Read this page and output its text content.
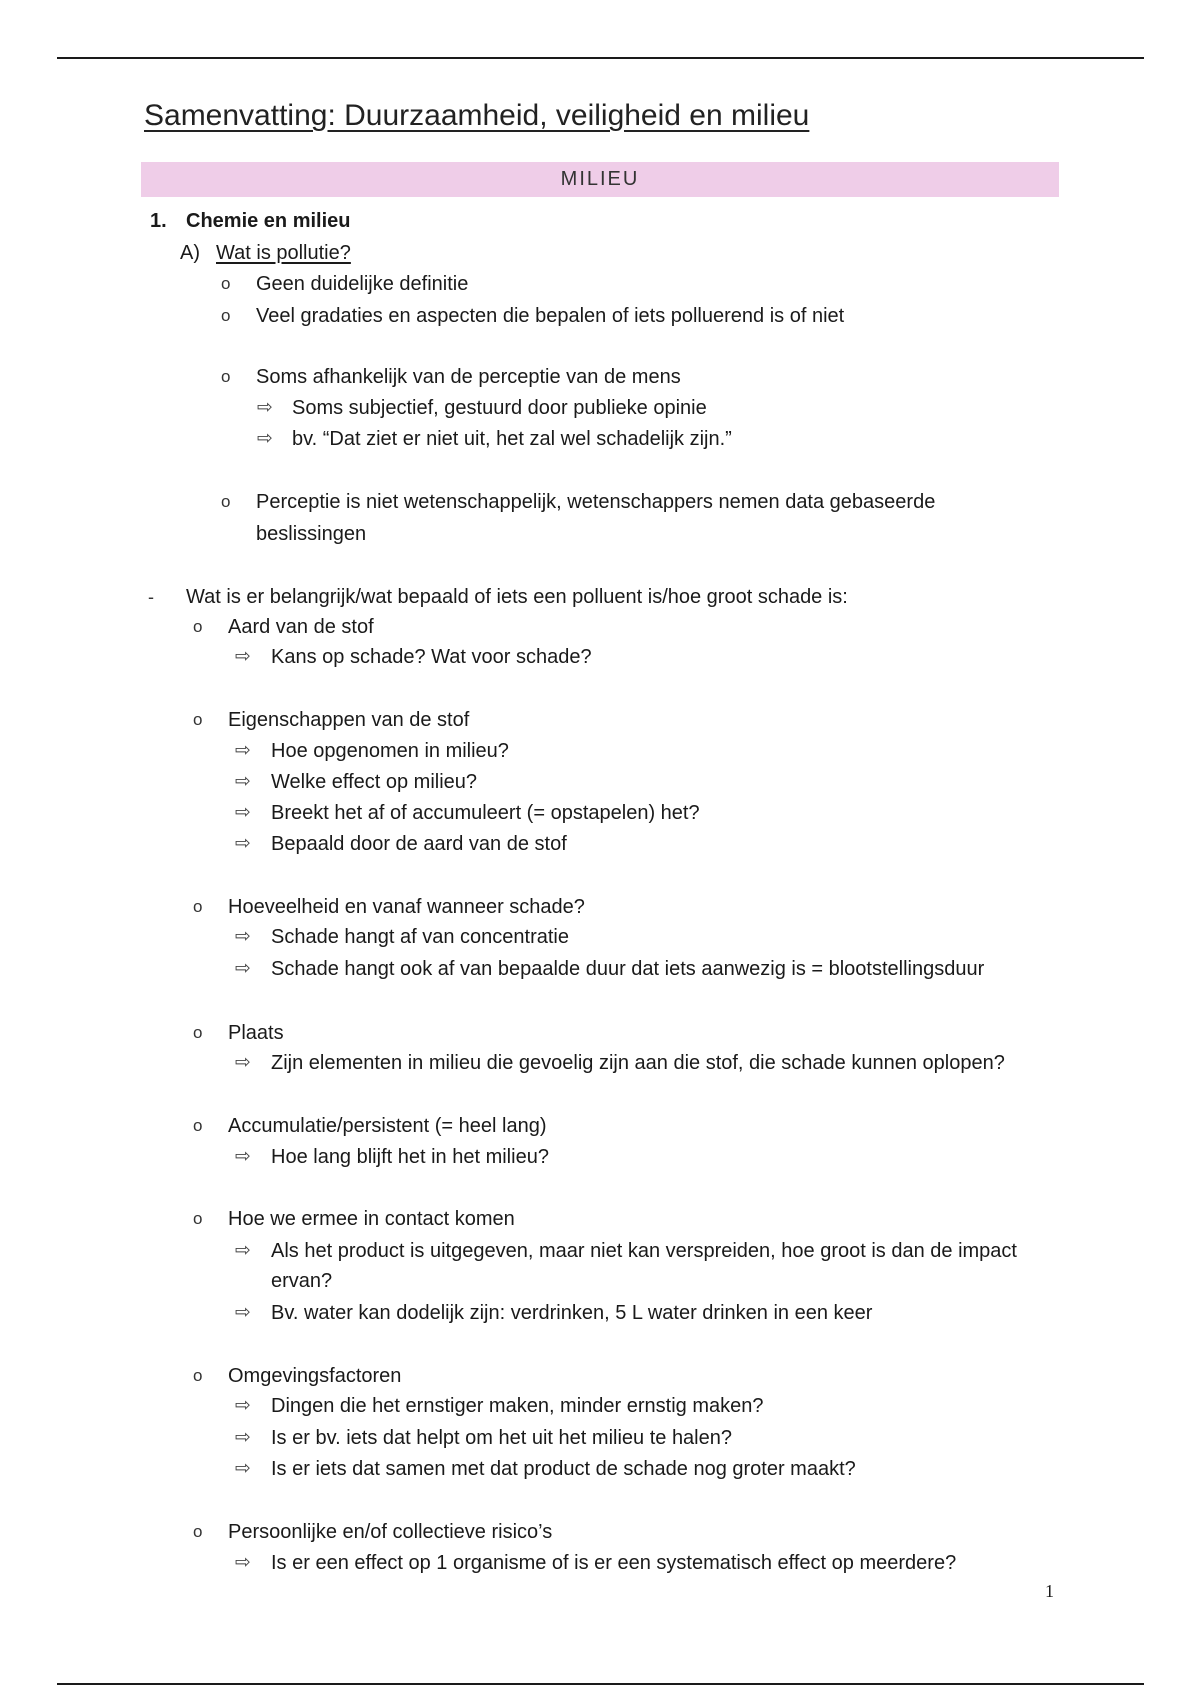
Samenvatting: Duurzaamheid, veiligheid en milieu
MILIEU
1. Chemie en milieu
A) Wat is pollutie?
o Geen duidelijke definitie
o Veel gradaties en aspecten die bepalen of iets polluerend is of niet
o Soms afhankelijk van de perceptie van de mens
⇨ Soms subjectief, gestuurd door publieke opinie
⇨ bv. “Dat ziet er niet uit, het zal wel schadelijk zijn.”
o Perceptie is niet wetenschappelijk, wetenschappers nemen data gebaseerde
beslissingen
- Wat is er belangrijk/wat bepaald of iets een polluent is/hoe groot schade is:
o Aard van de stof
⇨ Kans op schade? Wat voor schade?
o Eigenschappen van de stof
⇨ Hoe opgenomen in milieu?
⇨ Welke effect op milieu?
⇨ Breekt het af of accumuleert (= opstapelen) het?
⇨ Bepaald door de aard van de stof
o Hoeveelheid en vanaf wanneer schade?
⇨ Schade hangt af van concentratie
⇨ Schade hangt ook af van bepaalde duur dat iets aanwezig is = blootstellingsduur
o Plaats
⇨ Zijn elementen in milieu die gevoelig zijn aan die stof, die schade kunnen oplopen?
o Accumulatie/persistent (= heel lang)
⇨ Hoe lang blijft het in het milieu?
o Hoe we ermee in contact komen
⇨ Als het product is uitgegeven, maar niet kan verspreiden, hoe groot is dan de impact
ervan?
⇨ Bv. water kan dodelijk zijn: verdrinken, 5 L water drinken in een keer
o Omgevingsfactoren
⇨ Dingen die het ernstiger maken, minder ernstig maken?
⇨ Is er bv. iets dat helpt om het uit het milieu te halen?
⇨ Is er iets dat samen met dat product de schade nog groter maakt?
o Persoonlijke en/of collectieve risico’s
⇨ Is er een effect op 1 organisme of is er een systematisch effect op meerdere?
1
